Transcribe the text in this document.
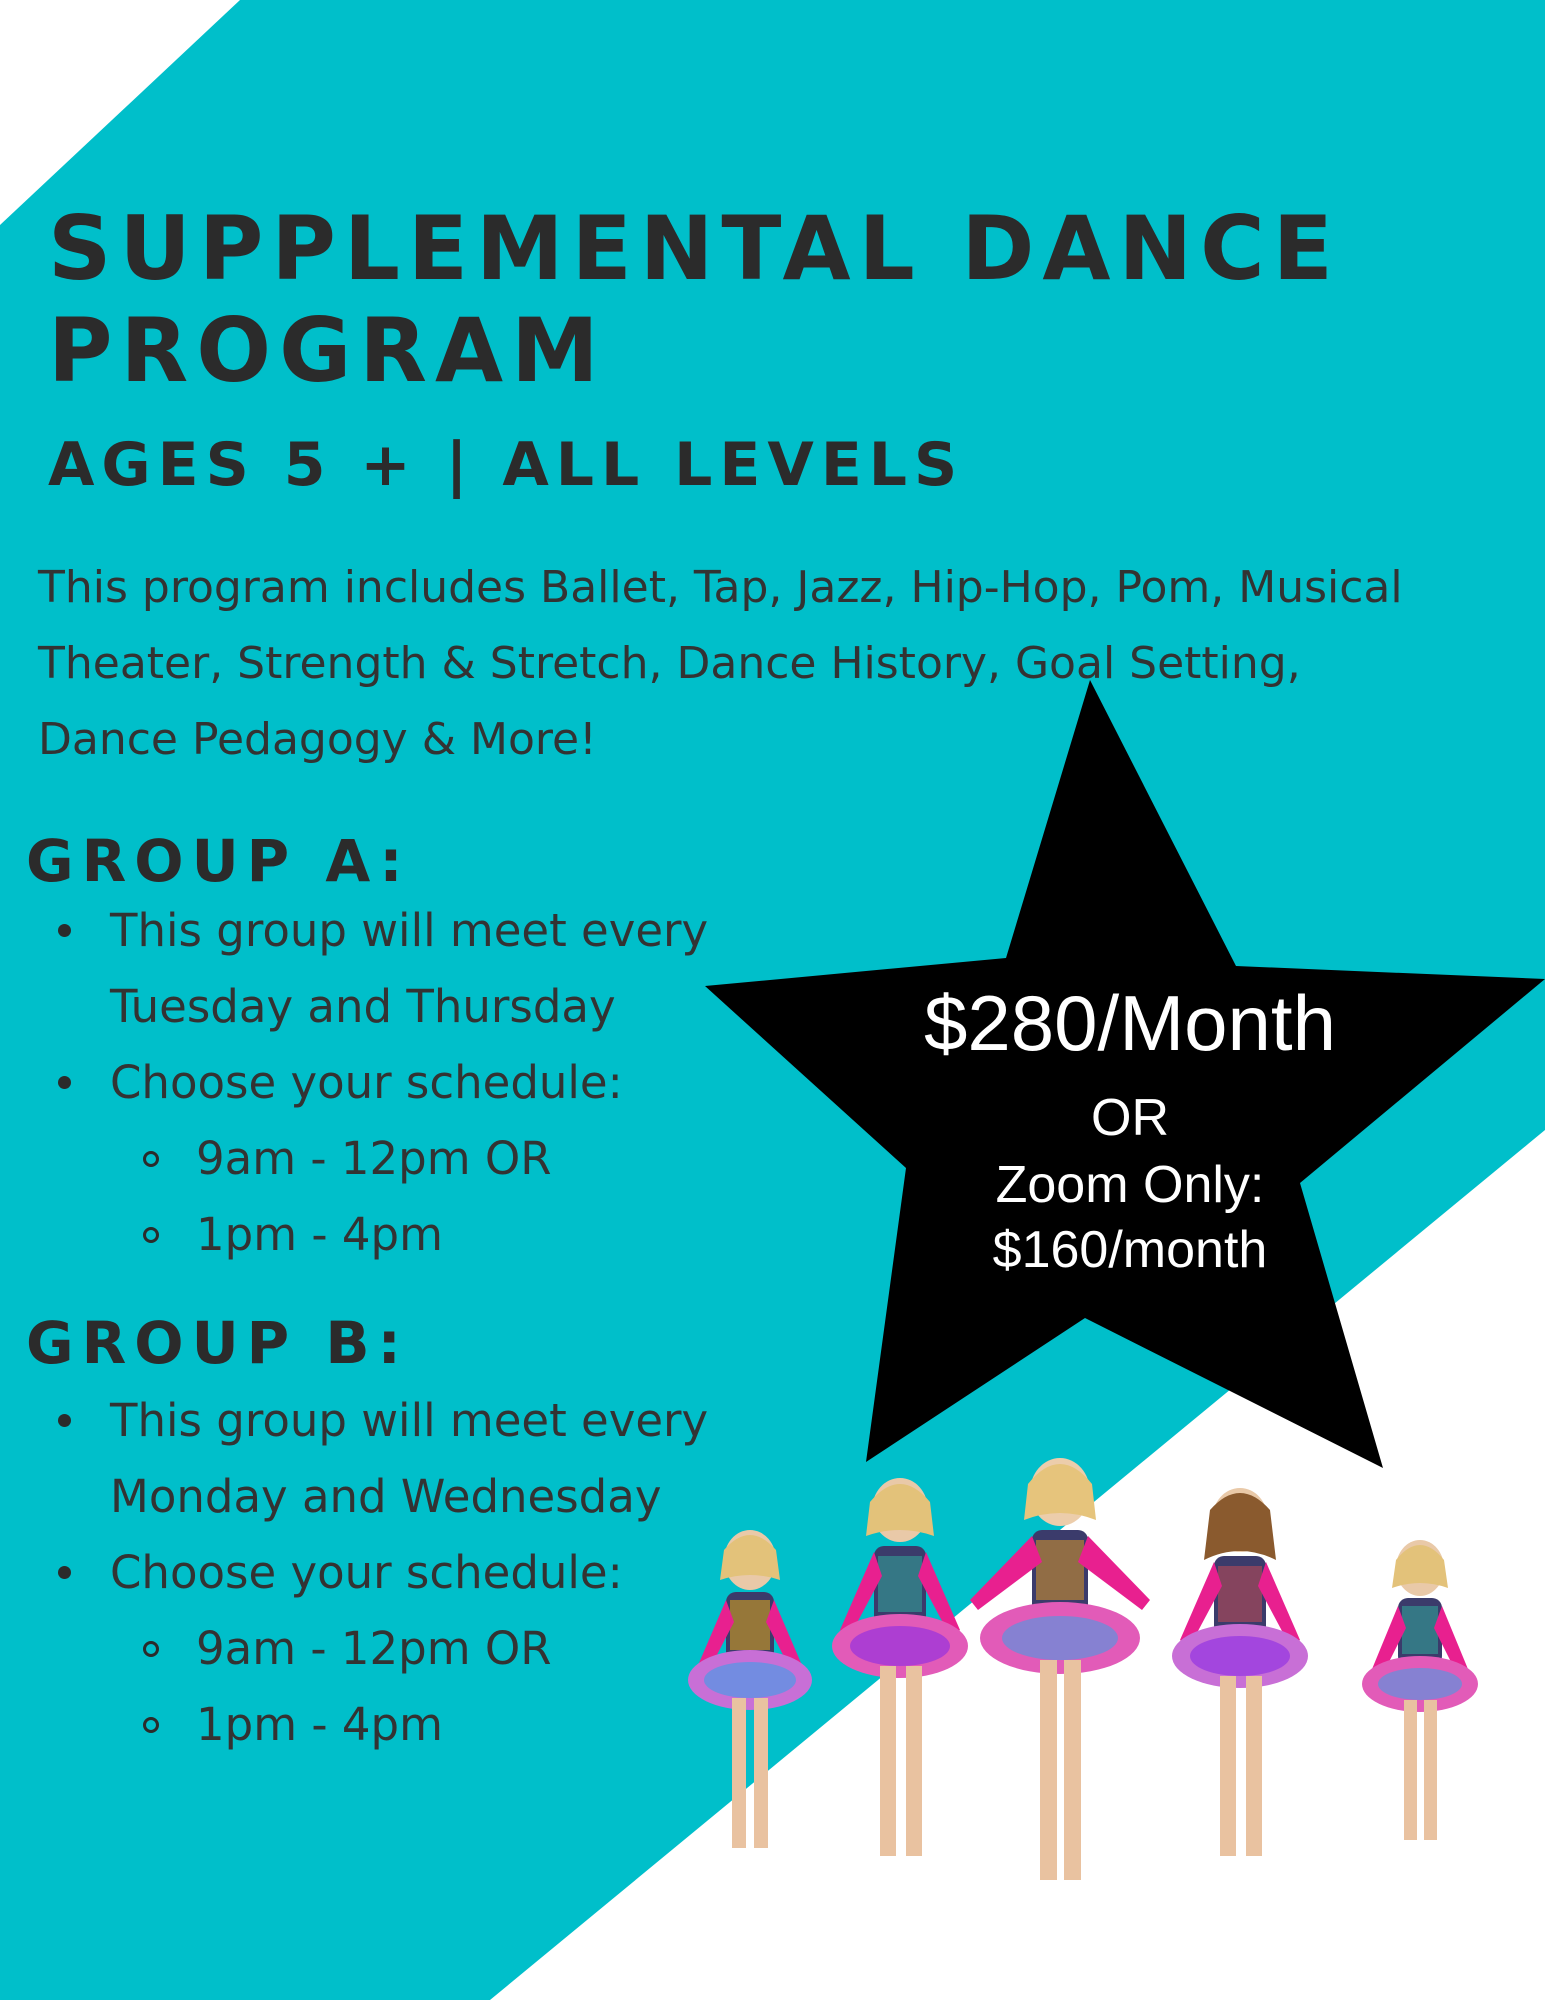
SUPPLEMENTAL DANCE PROGRAM
AGES 5 + | ALL LEVELS

This program includes Ballet, Tap, Jazz, Hip-Hop, Pom, Musical Theater, Strength & Stretch, Dance History, Goal Setting, Dance Pedagogy & More!

GROUP A:
This group will meet every Tuesday and Thursday
Choose your schedule:
9am - 12pm OR
1pm - 4pm
GROUP B:
This group will meet every Monday and Wednesday
Choose your schedule:
9am - 12pm OR
1pm - 4pm

$280/Month

OR

Zoom Only:

$160/month
